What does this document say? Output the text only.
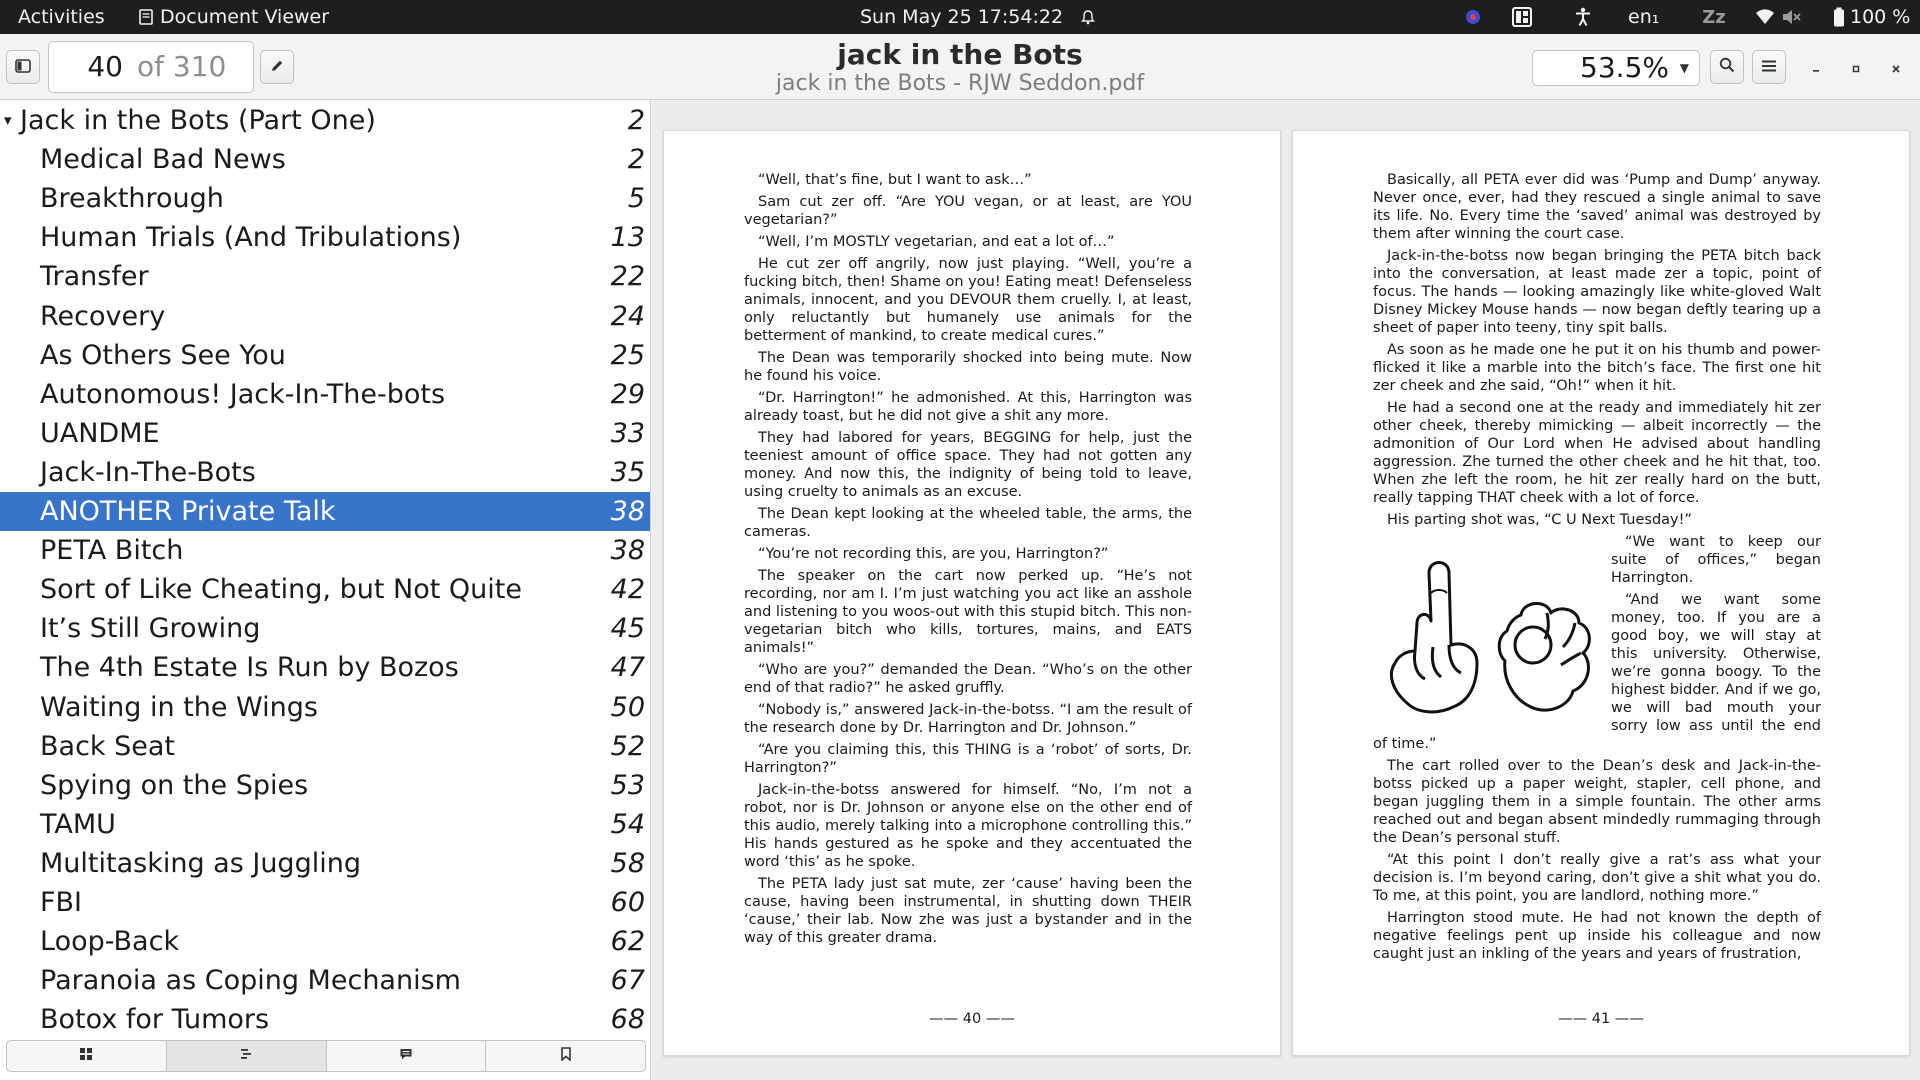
Activities	Document Viewer	Sun May 25 17:54:22	en₁ Zz	100 %
40 of 310	jack in the Bots
jack in the Bots - RJW Seddon.pdf	53.5% ▼
▾ Jack in the Bots (Part One)	2
Medical Bad News	2
Breakthrough	5
Human Trials (And Tribulations)	13
Transfer	22
Recovery	24
As Others See You	25
Autonomous! Jack-In-The-bots	29
UANDME	33
Jack-In-The-Bots	35
ANOTHER Private Talk	38
PETA Bitch	38
Sort of Like Cheating, but Not Quite	42
It’s Still Growing	45
The 4th Estate Is Run by Bozos	47
Waiting in the Wings	50
Back Seat	52
Spying on the Spies	53
TAMU	54
Multitasking as Juggling	58
FBI	60
Loop-Back	62
Paranoia as Coping Mechanism	67
Botox for Tumors	68

“Well, that’s fine, but I want to ask…”

Sam cut zer off. “Are YOU vegan, or at least, are YOU vegetarian?”

“Well, I’m MOSTLY vegetarian, and eat a lot of…”

He cut zer off angrily, now just playing. “Well, you’re a fucking bitch, then! Shame on you! Eating meat! Defenseless animals, innocent, and you DEVOUR them cruelly. I, at least, only reluctantly but humanely use animals for the betterment of mankind, to create medical cures.”

The Dean was temporarily shocked into being mute. Now he found his voice.

“Dr. Harrington!” he admonished. At this, Harrington was already toast, but he did not give a shit any more.

They had labored for years, BEGGING for help, just the teeniest amount of office space. They had not gotten any money. And now this, the indignity of being told to leave, using cruelty to animals as an excuse.

The Dean kept looking at the wheeled table, the arms, the cameras.

“You’re not recording this, are you, Harrington?”

The speaker on the cart now perked up. “He’s not recording, nor am I. I’m just watching you act like an asshole and listening to you woos-out with this stupid bitch. This non-vegetarian bitch who kills, tortures, mains, and EATS animals!”

“Who are you?” demanded the Dean. “Who’s on the other end of that radio?” he asked gruffly.

“Nobody is,” answered Jack-in-the-botss. “I am the result of the research done by Dr. Harrington and Dr. Johnson.”

“Are you claiming this, this THING is a ‘robot’ of sorts, Dr. Harrington?”

Jack-in-the-botss answered for himself. “No, I’m not a robot, nor is Dr. Johnson or anyone else on the other end of this audio, merely talking into a microphone controlling this.” His hands gestured as he spoke and they accentuated the word ‘this’ as he spoke.

The PETA lady just sat mute, zer ‘cause’ having been the cause, having been instrumental, in shutting down THEIR ‘cause,’ their lab. Now zhe was just a bystander and in the way of this greater drama.

—— 40 ——

Basically, all PETA ever did was ‘Pump and Dump’ anyway. Never once, ever, had they rescued a single animal to save its life. No. Every time the ‘saved’ animal was destroyed by them after winning the court case.

Jack-in-the-botss now began bringing the PETA bitch back into the conversation, at least made zer a topic, point of focus. The hands — looking amazingly like white-gloved Walt Disney Mickey Mouse hands — now began deftly tearing up a sheet of paper into teeny, tiny spit balls.

As soon as he made one he put it on his thumb and power-flicked it like a marble into the bitch’s face. The first one hit zer cheek and zhe said, “Oh!” when it hit.

He had a second one at the ready and immediately hit zer other cheek, thereby mimicking — albeit incorrectly — the admonition of Our Lord when He advised about handling aggression. Zhe turned the other cheek and he hit that, too. When zhe left the room, he hit zer really hard on the butt, really tapping THAT cheek with a lot of force.

His parting shot was, “C U Next Tuesday!”

“We want to keep our suite of offices,” began Harrington.

“And we want some money, too. If you are a good boy, we will stay at this university. Otherwise, we’re gonna boogy. To the highest bidder. And if we go, we will bad mouth your sorry low ass until the end of time.”

The cart rolled over to the Dean’s desk and Jack-in-the-botss picked up a paper weight, stapler, cell phone, and began juggling them in a simple fountain. The other arms reached out and began absent mindedly rummaging through the Dean’s personal stuff.

“At this point I don’t really give a rat’s ass what your decision is. I’m beyond caring, don’t give a shit what you do. To me, at this point, you are landlord, nothing more.”

Harrington stood mute. He had not known the depth of negative feelings pent up inside his colleague and now caught just an inkling of the years and years of frustration,

—— 41 ——
